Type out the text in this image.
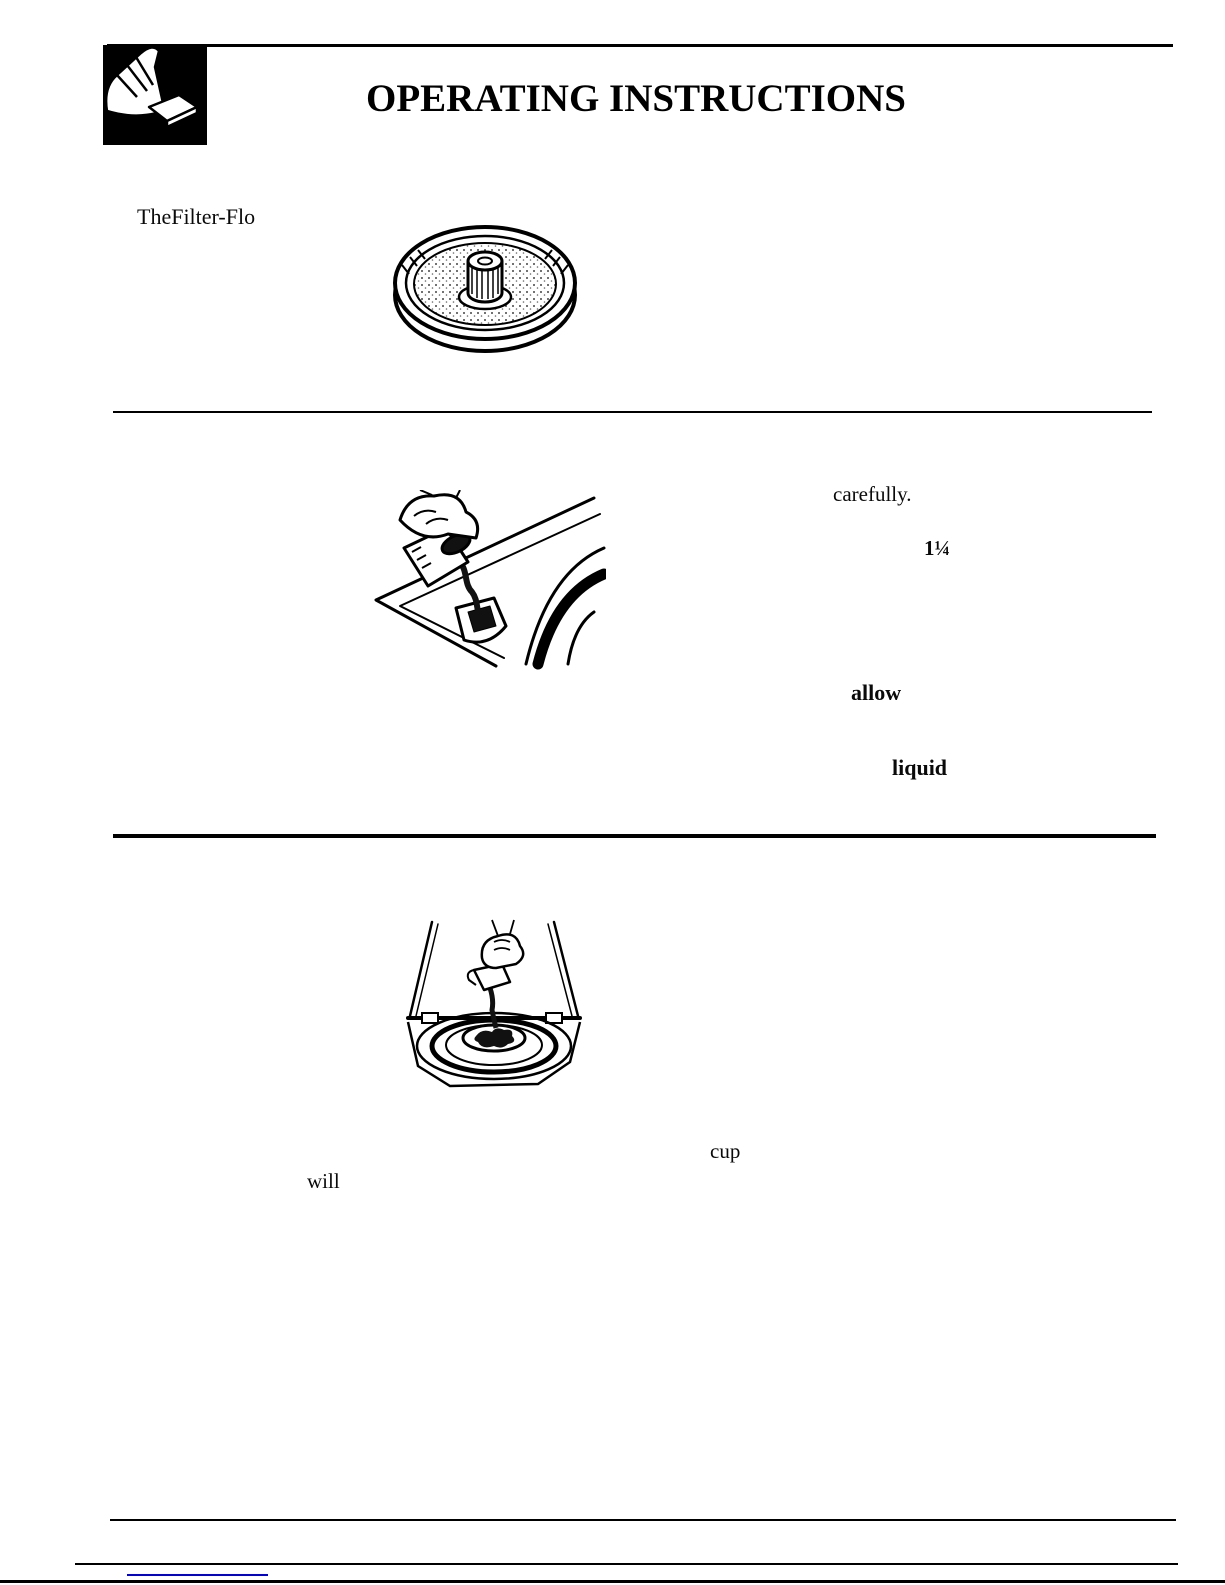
OPERATING INSTRUCTIONS
TheFilter-Flo
carefully.
1¼
allow
liquid
cup
will
